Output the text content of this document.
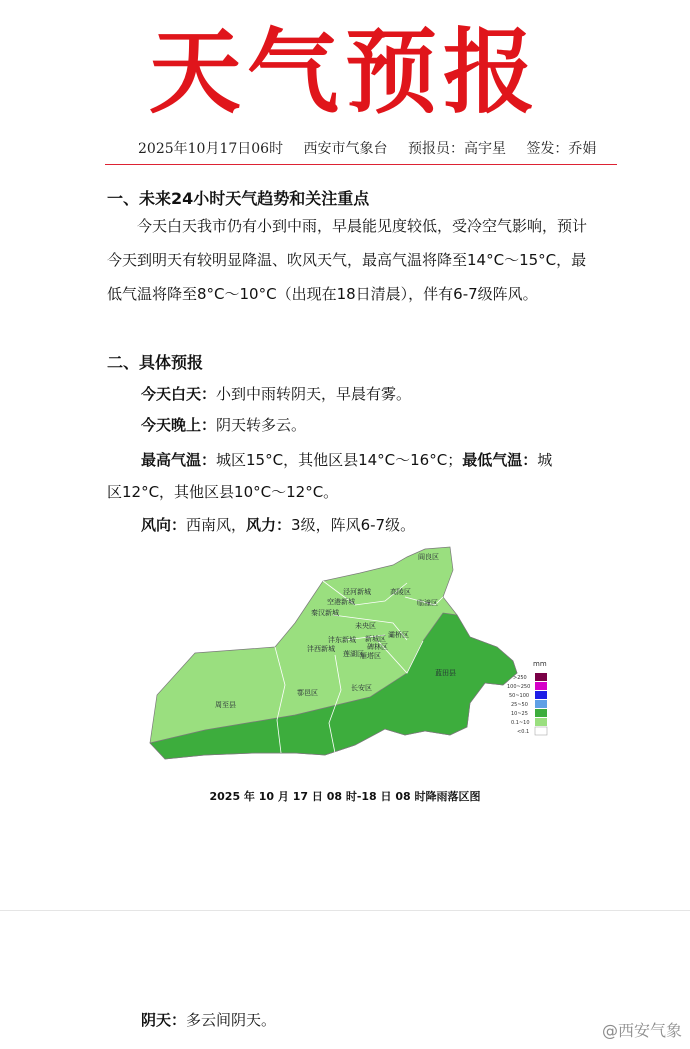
天气预报
2025年10月17日06时 西安市气象台 预报员：高宇星 签发：乔娟
一、未来24小时天气趋势和关注重点
今天白天我市仍有小到中雨，早晨能见度较低，受冷空气影响，预计今天到明天有较明显降温、吹风天气，最高气温将降至14°C～15°C，最低气温将降至8°C～10°C（出现在18日清晨），伴有6-7级阵风。
二、具体预报
今天白天：小到中雨转阴天，早晨有雾。
今天晚上：阴天转多云。
最高气温：城区15°C，其他区县14°C～16°C；最低气温：城
区12°C，其他区县10°C～12°C。
风向：西南风，风力：3级，阵风6-7级。
阎良区
泾河新城	高陵区
临潼区
空港新城
秦汉新城
未央区
沣东新城 新城区 灞桥区
莲湖区
碑林区
沣西新城
雁塔区
周至县
鄠邑区
长安区
蓝田县
mm
>250
100~250
50~100
25~50
10~25
0.1~10
<0.1
2025 年 10 月 17 日 08 时-18 日 08 时降雨落区图
阴天：多云间阴天。
@西安气象
